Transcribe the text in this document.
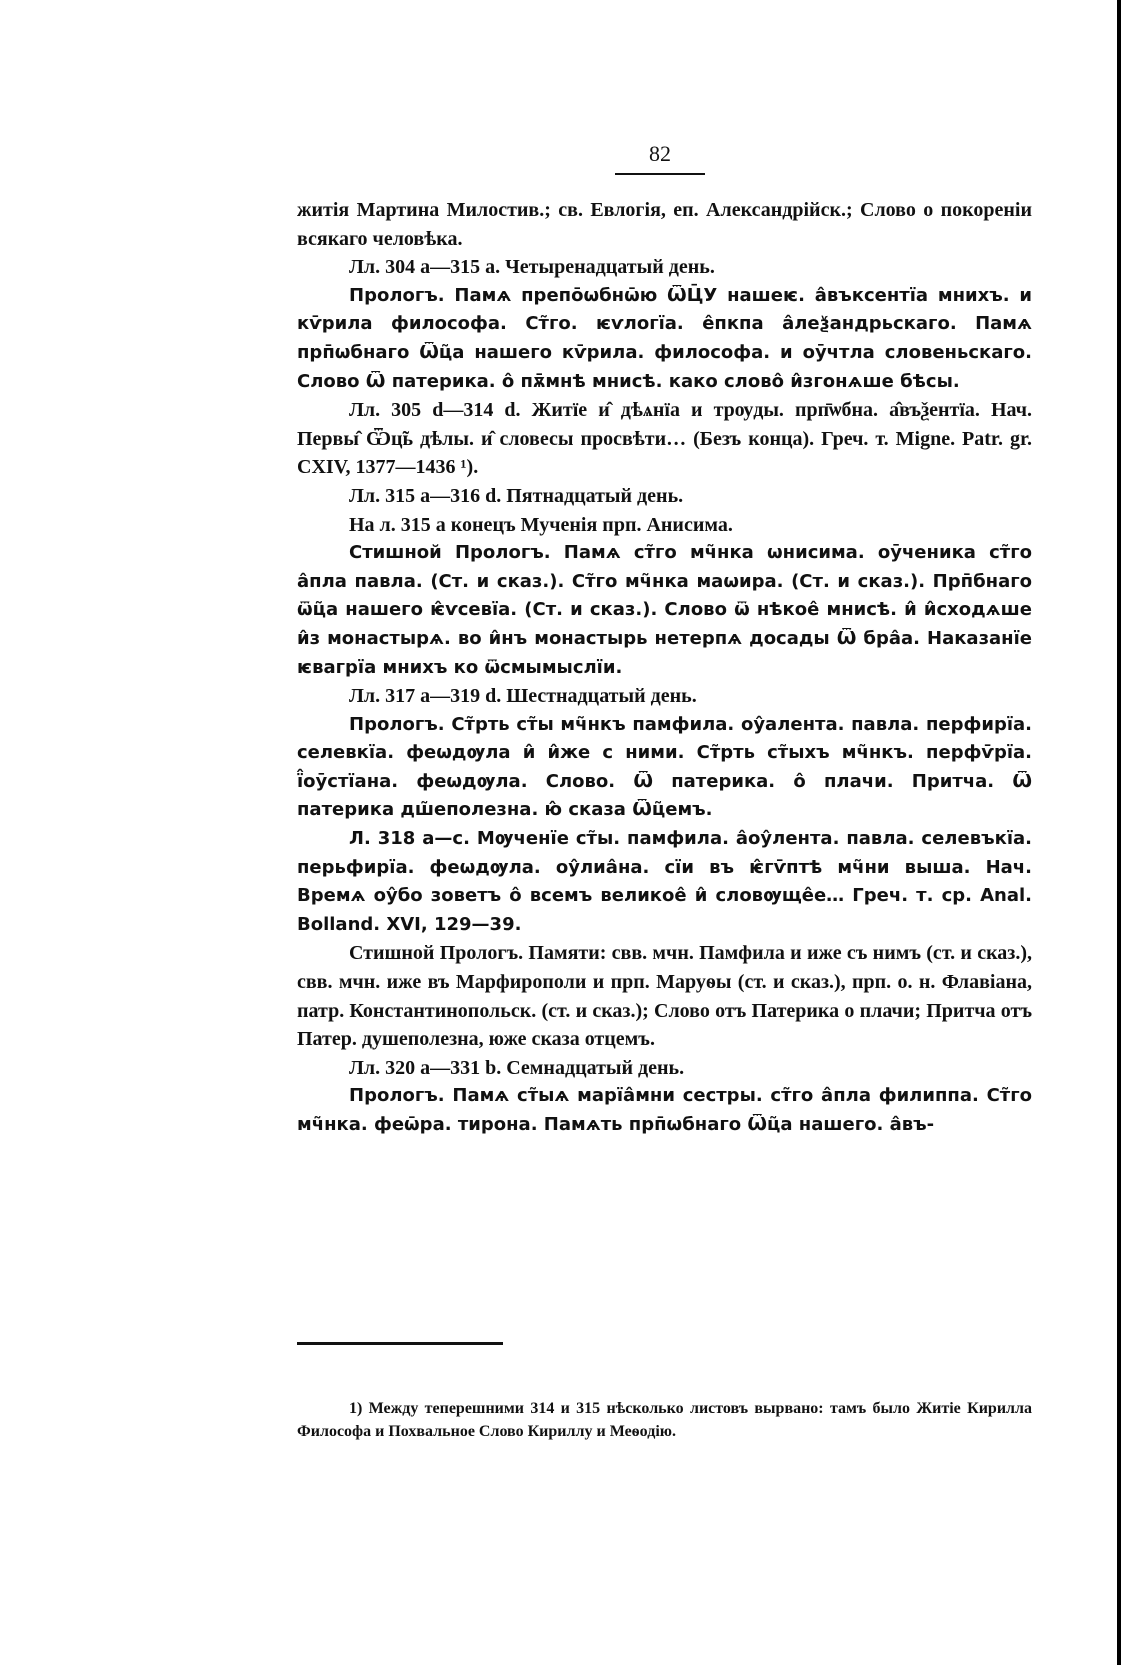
82

житія Мартина Милостив.; св. Евлогія, еп. Александрійск.; Слово о покореніи всякаго человѣка.

Лл. 304 а—315 а. Четыренадцатый день.

Прологъ. Памѧ препо̄ѡбнѡ̄ю ѾЦ̄У нашеѥ. а̂въксентїа мнихъ. и кѵ̄рила философа. Ст̃го. ѥѵлогїа. е̂пкпа а̂леѯандрьскаго. Памѧ прп̄ѡбнаго Ѿц̃а нашего кѵ̄рила. философа. и оӯчтла словеньскаго. Слово Ѿ патерика. о̂ пѫ̄мнѣ мнисѣ. како слово̂ и̂згонѧше бѣсы.

Лл. 305 d—314 d. Житїе и̂ дѣѧнїа и трѹды. прп̄ѡбна. а̂въѯентїа. Нач. Первы̂ Ѿц̃ь дѣлы. и̂ словесы просвѣти… (Безъ конца). Греч. т. Migne. Patr. gr. CXIV, 1377—1436 ¹).

Лл. 315 а—316 d. Пятнадцатый день.

На л. 315 а конецъ Мученія прп. Анисима.

Стишной Прологъ. Памѧ ст̃го мч̃нка ѡнисима. оӯченика ст̃го а̂пла павла. (Ст. и сказ.). Ст̃го мч̃нка маѡира. (Ст. и сказ.). Прп̄бнаго ѿц̃а нашего ѥ̂ѵсевїа. (Ст. и сказ.). Слово ѿ нѣкое̂ мнисѣ. и̂ и̂сходѧше и̂з монастырѧ. во и̂нъ монастырь нетерпѧ досады Ѿ бра̂а. Наказанїе ѥвагрїа мнихъ ко ѿсмымыслїи.

Лл. 317 а—319 d. Шестнадцатый день.

Прологъ. Ст̃рть ст̃ы мч̃нкъ памфила. оу̂алента. павла. перфирїа. селевкїа. феѡдѹла и̂ и̂же с ними. Ст̃рть ст̃ыхъ мч̃нкъ. перфѵ̄рїа. ї̂оӯстїана. феѡдѹла. Слово. Ѿ патерика. о̂ плачи. Притча. Ѿ патерика дш̃еполезна. ю̂ сказа Ѿц̃емъ.

Л. 318 а—с. Мѹченїе ст̃ы. памфила. а̂оу̂лента. павла. селевъкїа. перьфирїа. феѡдѹла. оу̂лиа̂на. сїи въ ѥ̂гѵ̄птѣ мч̃ни выша. Нач. Времѧ оу̂бо зоветъ о̂ всемъ великое̂ и̂ словѹще̂е… Греч. т. ср. Anal. Bolland. XVI, 129—39.

Стишной Прологъ. Памяти: свв. мчн. Памфила и иже съ нимъ (ст. и сказ.), свв. мчн. иже въ Марфирополи и прп. Маруѳы (ст. и сказ.), прп. о. н. Флавіана, патр. Константинопольск. (ст. и сказ.); Слово отъ Патерика о плачи; Притча отъ Патер. душеполезна, юже сказа отцемъ.

Лл. 320 а—331 b. Семнадцатый день.

Прологъ. Памѧ ст̃ыѧ марїа̂мни сестры. ст̃го а̂пла филиппа. Ст̃го мч̃нка. феѡ̄ра. тирона. Памѧть прп̄ѡбнаго Ѿц̃а нашего. а̂въ-

1) Между теперешними 314 и 315 нѣсколько листовъ вырвано: тамъ было Житіе Кирилла Философа и Похвальное Слово Кириллу и Меѳодію.
